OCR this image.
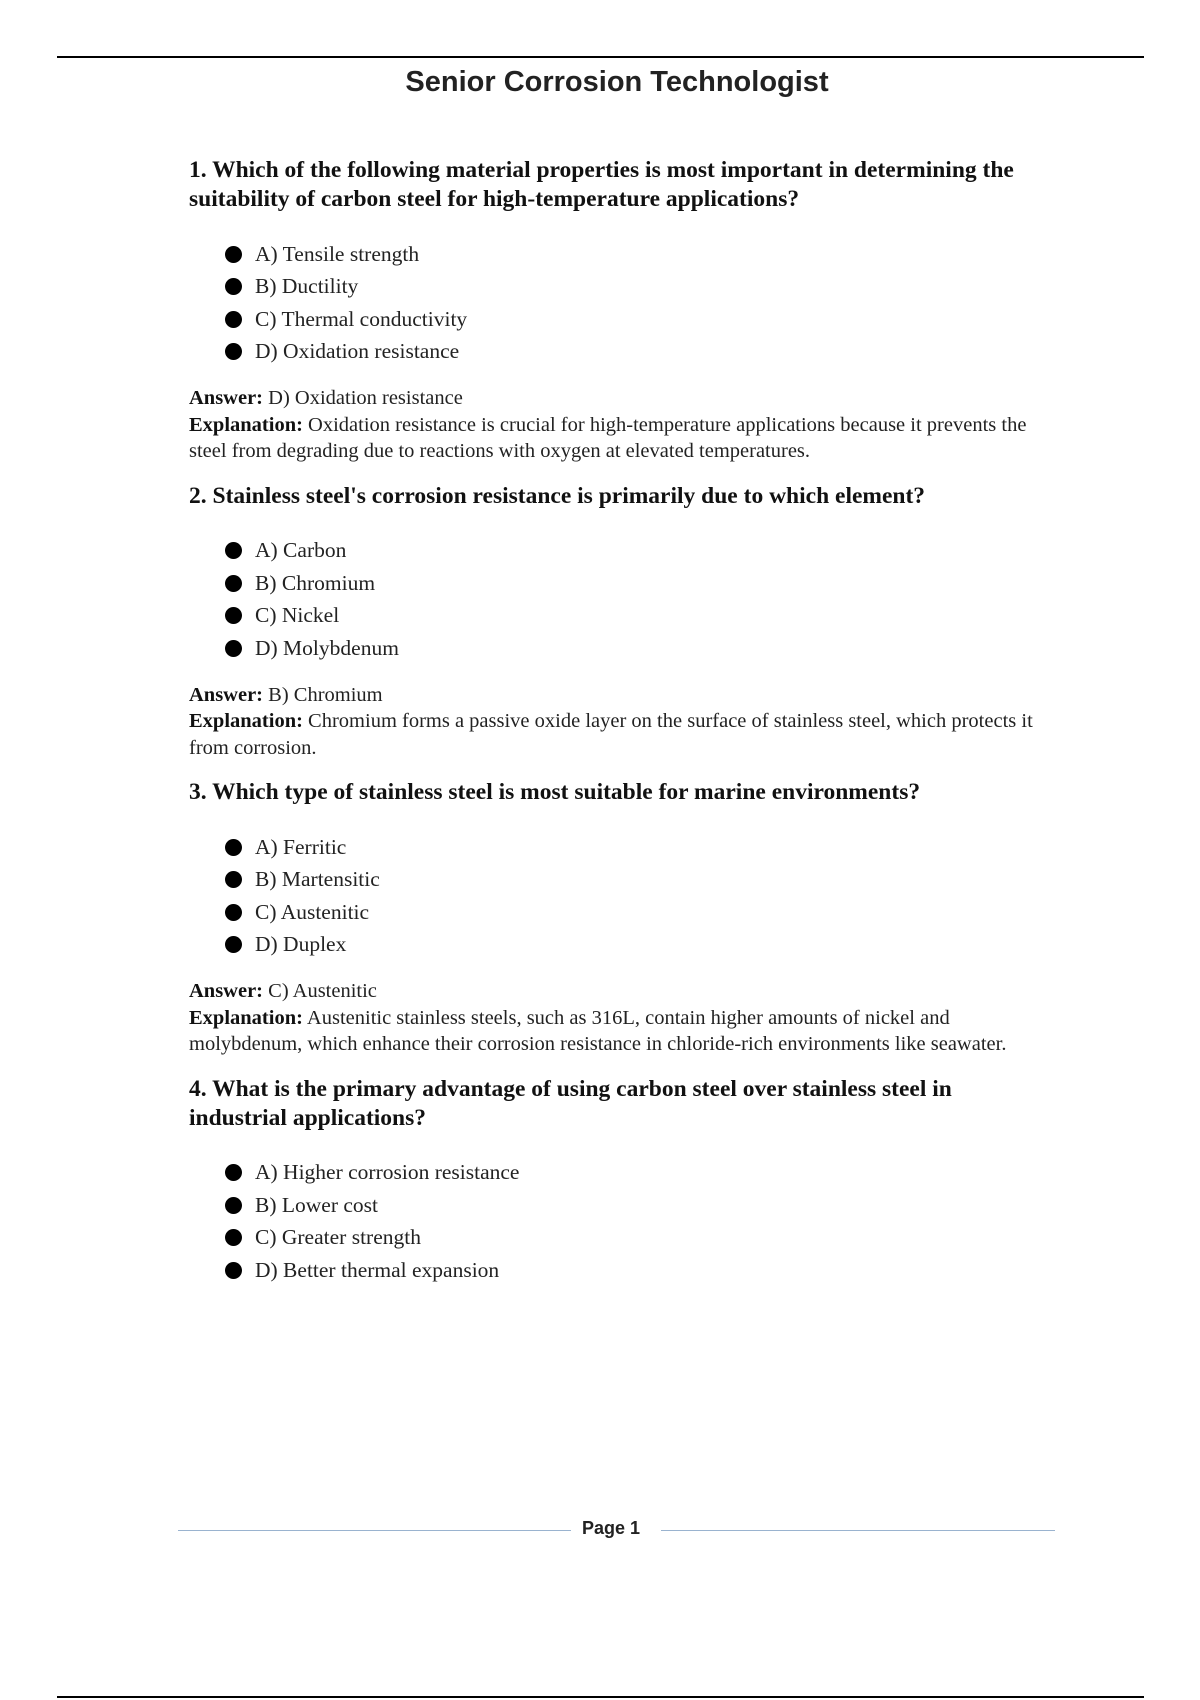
Senior Corrosion Technologist

1. Which of the following material properties is most important in determining the suitability of carbon steel for high-temperature applications?

A) Tensile strength
B) Ductility
C) Thermal conductivity
D) Oxidation resistance
Answer: D) Oxidation resistance
Explanation: Oxidation resistance is crucial for high-temperature applications because it prevents the steel from degrading due to reactions with oxygen at elevated temperatures.

2. Stainless steel's corrosion resistance is primarily due to which element?

A) Carbon
B) Chromium
C) Nickel
D) Molybdenum
Answer: B) Chromium
Explanation: Chromium forms a passive oxide layer on the surface of stainless steel, which protects it from corrosion.

3. Which type of stainless steel is most suitable for marine environments?

A) Ferritic
B) Martensitic
C) Austenitic
D) Duplex
Answer: C) Austenitic
Explanation: Austenitic stainless steels, such as 316L, contain higher amounts of nickel and molybdenum, which enhance their corrosion resistance in chloride-rich environments like seawater.

4. What is the primary advantage of using carbon steel over stainless steel in industrial applications?

A) Higher corrosion resistance
B) Lower cost
C) Greater strength
D) Better thermal expansion
Page 1
